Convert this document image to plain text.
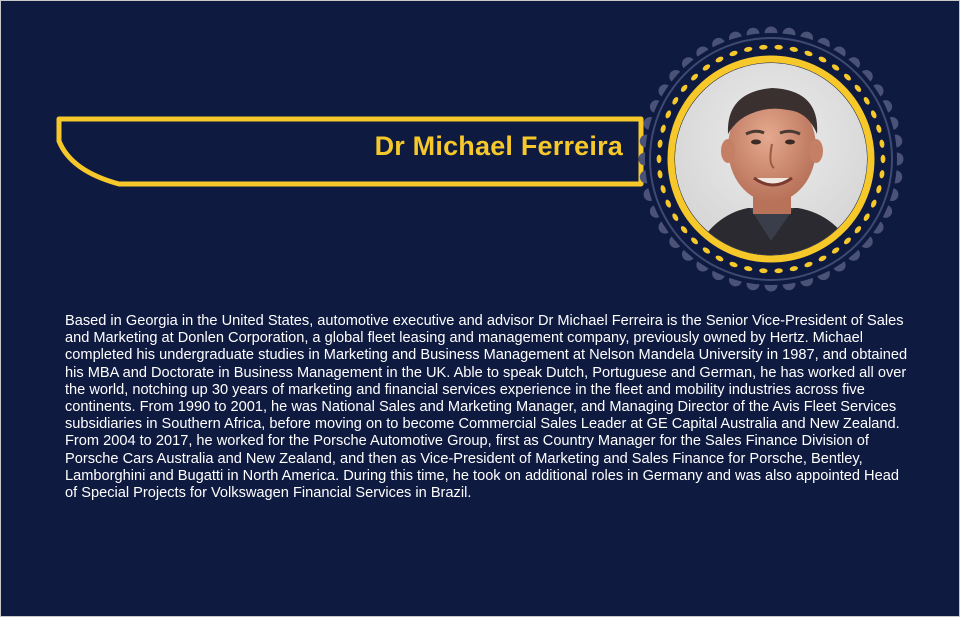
Dr Michael Ferreira

Based in Georgia in the United States, automotive executive and advisor Dr Michael Ferreira is the Senior Vice-President of Sales and Marketing at Donlen Corporation, a global fleet leasing and management company, previously owned by Hertz. Michael completed his undergraduate studies in Marketing and Business Management at Nelson Mandela University in 1987, and obtained his MBA and Doctorate in Business Management in the UK. Able to speak Dutch, Portuguese and German, he has worked all over the world, notching up 30 years of marketing and financial services experience in the fleet and mobility industries across five continents. From 1990 to 2001, he was National Sales and Marketing Manager, and Managing Director of the Avis Fleet Services subsidiaries in Southern Africa, before moving on to become Commercial Sales Leader at GE Capital Australia and New Zealand. From 2004 to 2017, he worked for the Porsche Automotive Group, first as Country Manager for the Sales Finance Division of Porsche Cars Australia and New Zealand, and then as Vice-President of Marketing and Sales Finance for Porsche, Bentley, Lamborghini and Bugatti in North America. During this time, he took on additional roles in Germany and was also appointed Head of Special Projects for Volkswagen Financial Services in Brazil.
